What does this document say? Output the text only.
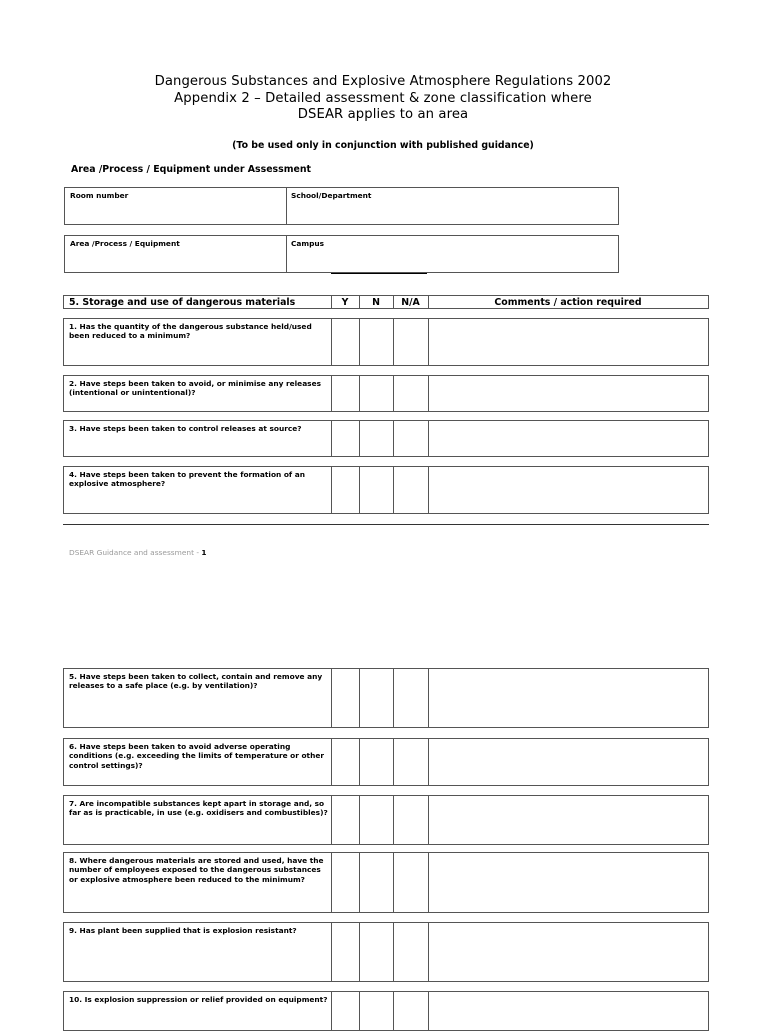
Dangerous Substances and Explosive Atmosphere Regulations 2002
Appendix 2 – Detailed assessment & zone classification where
DSEAR applies to an area
(To be used only in conjunction with published guidance)
Area /Process / Equipment under Assessment
Room number	School/Department
Area /Process / Equipment	Campus
5. Storage and use of dangerous materials	Y	N	N/A	Comments / action required
1. Has the quantity of the dangerous substance held/used been reduced to a minimum?
2. Have steps been taken to avoid, or minimise any releases (intentional or unintentional)?
3. Have steps been taken to control releases at source?
4. Have steps been taken to prevent the formation of an explosive atmosphere?
DSEAR Guidance and assessment - 1
5. Have steps been taken to collect, contain and remove any releases to a safe place (e.g. by ventilation)?
6. Have steps been taken to avoid adverse operating conditions (e.g. exceeding the limits of temperature or other control settings)?
7. Are incompatible substances kept apart in storage and, so far as is practicable, in use (e.g. oxidisers and combustibles)?
8. Where dangerous materials are stored and used, have the number of employees exposed to the dangerous substances or explosive atmosphere been reduced to the minimum?
9. Has plant been supplied that is explosion resistant?
10. Is explosion suppression or relief provided on equipment?
